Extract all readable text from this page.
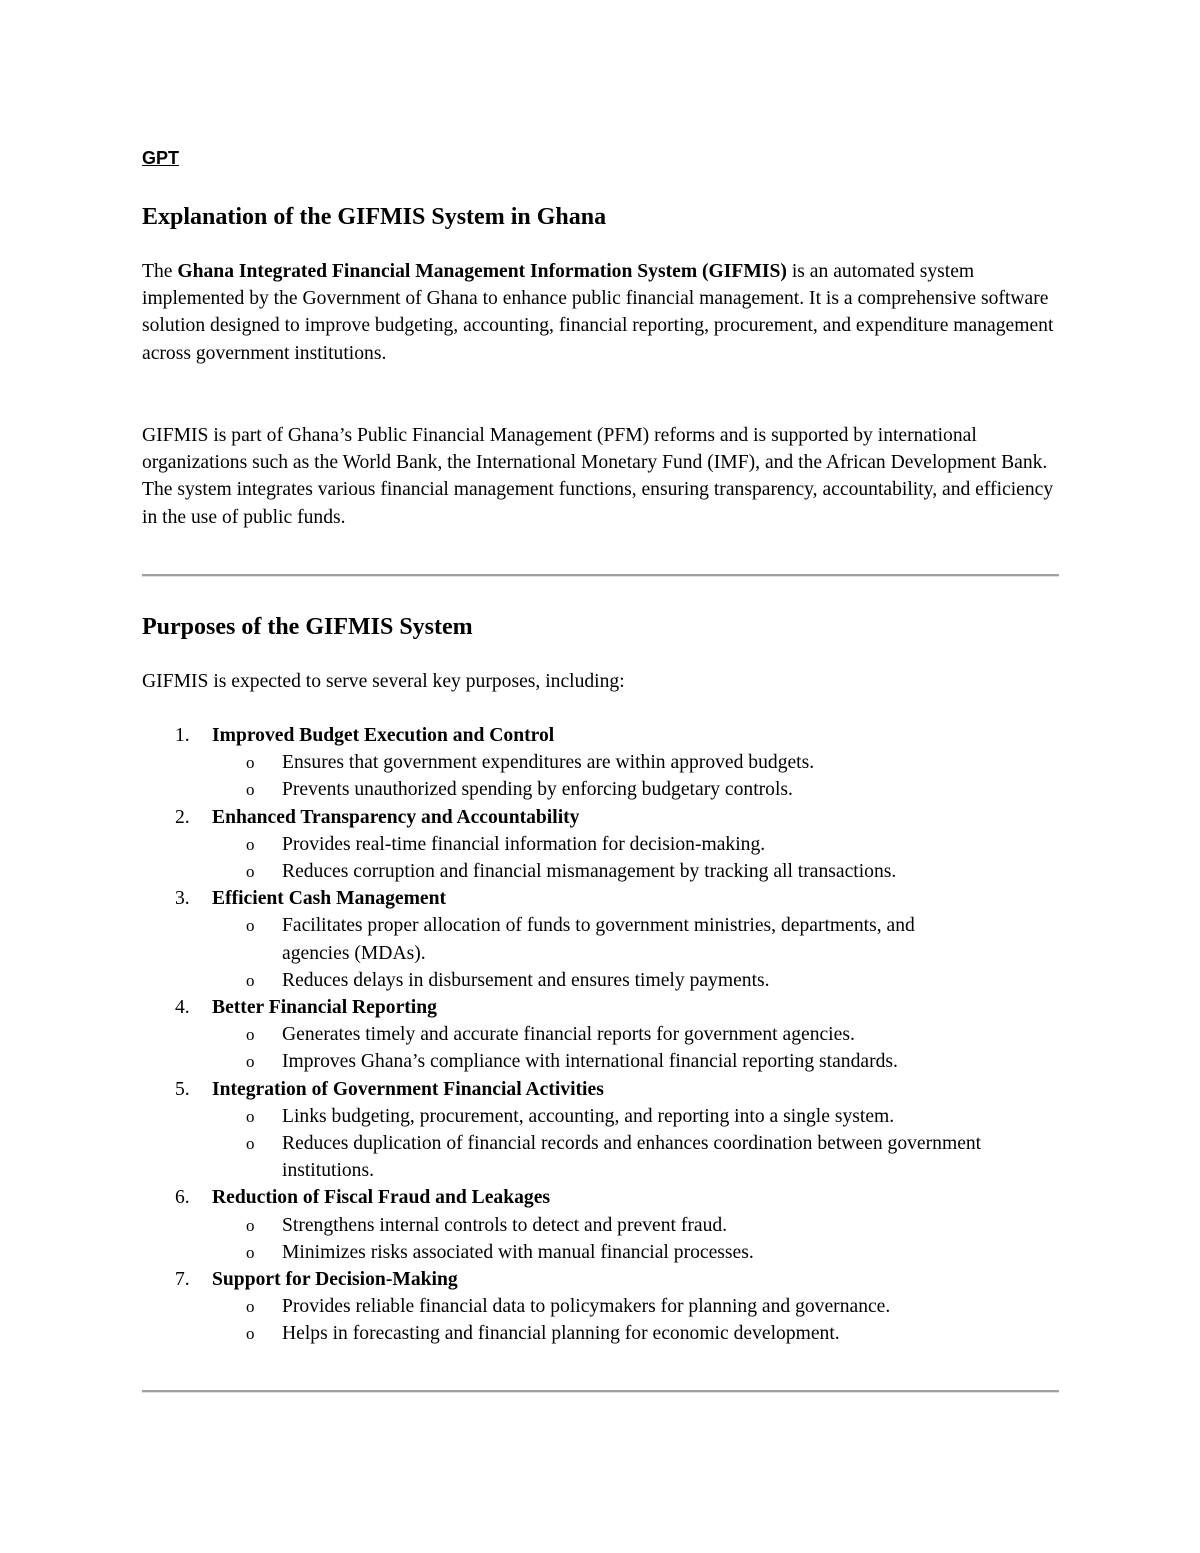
GPT
Explanation of the GIFMIS System in Ghana

The Ghana Integrated Financial Management Information System (GIFMIS) is an automated system implemented by the Government of Ghana to enhance public financial management. It is a comprehensive software solution designed to improve budgeting, accounting, financial reporting, procurement, and expenditure management across government institutions.

GIFMIS is part of Ghana’s Public Financial Management (PFM) reforms and is supported by international organizations such as the World Bank, the International Monetary Fund (IMF), and the African Development Bank. The system integrates various financial management functions, ensuring transparency, accountability, and efficiency in the use of public funds.

Purposes of the GIFMIS System

GIFMIS is expected to serve several key purposes, including:

1. Improved Budget Execution and Control
o Ensures that government expenditures are within approved budgets.
o Prevents unauthorized spending by enforcing budgetary controls.
2. Enhanced Transparency and Accountability
o Provides real-time financial information for decision-making.
o Reduces corruption and financial mismanagement by tracking all transactions.
3. Efficient Cash Management
o Facilitates proper allocation of funds to government ministries, departments, and agencies (MDAs).
o Reduces delays in disbursement and ensures timely payments.
4. Better Financial Reporting
o Generates timely and accurate financial reports for government agencies.
o Improves Ghana’s compliance with international financial reporting standards.
5. Integration of Government Financial Activities
o Links budgeting, procurement, accounting, and reporting into a single system.
o Reduces duplication of financial records and enhances coordination between government institutions.
6. Reduction of Fiscal Fraud and Leakages
o Strengthens internal controls to detect and prevent fraud.
o Minimizes risks associated with manual financial processes.
7. Support for Decision-Making
o Provides reliable financial data to policymakers for planning and governance.
o Helps in forecasting and financial planning for economic development.
